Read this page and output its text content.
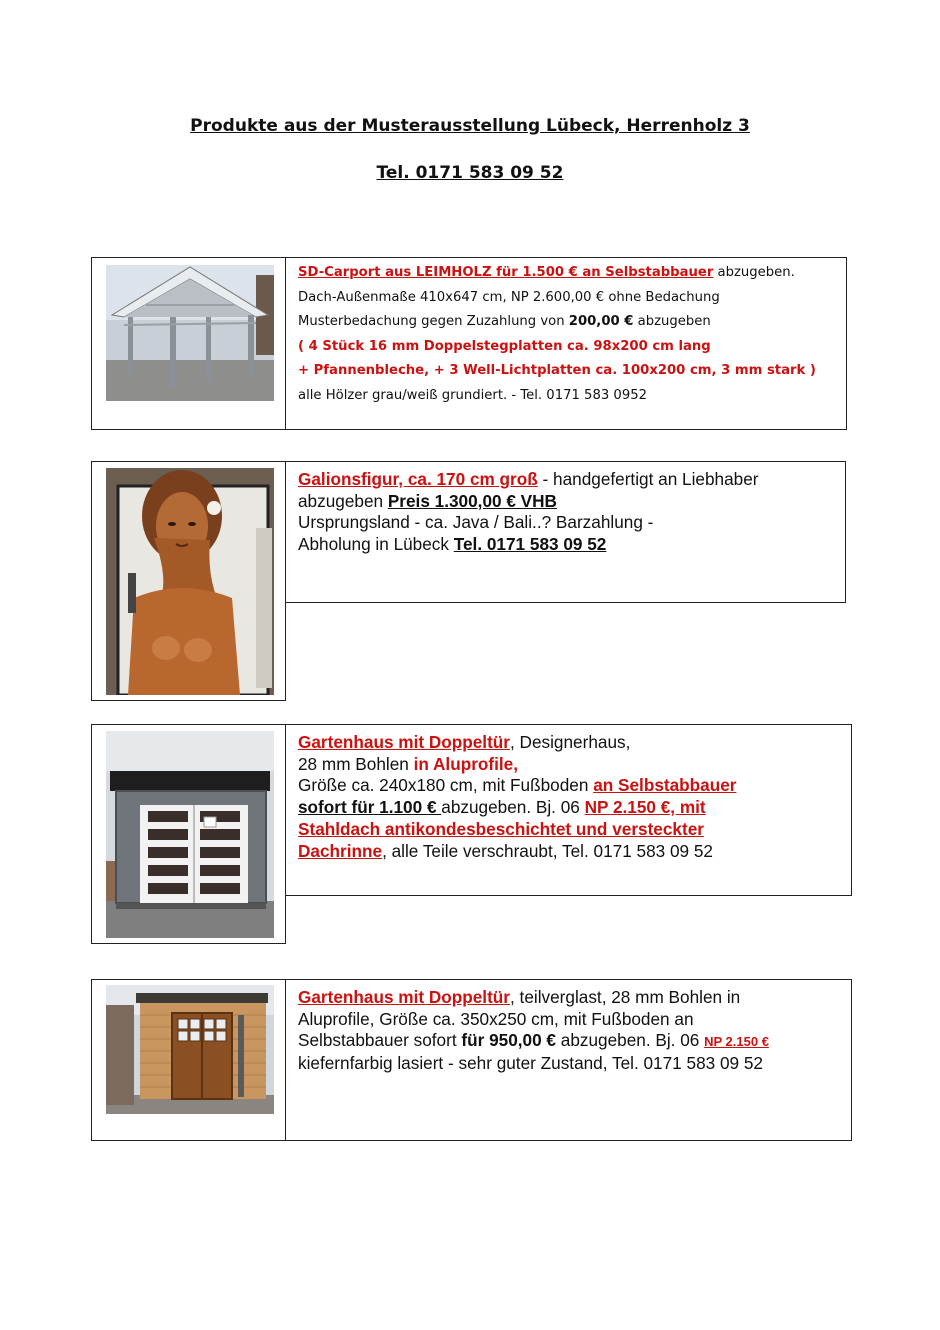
Produkte aus der Musterausstellung Lübeck, Herrenholz 3
Tel. 0171 583 09 52
SD-Carport aus LEIMHOLZ für 1.500 € an Selbstabbauer abzugeben.
Dach-Außenmaße 410x647 cm, NP 2.600,00 € ohne Bedachung
Musterbedachung gegen Zuzahlung von 200,00 € abzugeben
( 4 Stück 16 mm Doppelstegplatten ca. 98x200 cm lang
+ Pfannenbleche, + 3 Well-Lichtplatten ca. 100x200 cm, 3 mm stark )
alle Hölzer grau/weiß grundiert. - Tel. 0171 583 0952
Galionsfigur, ca. 170 cm groß - handgefertigt an Liebhaber
abzugeben Preis 1.300,00 € VHB
Ursprungsland - ca. Java / Bali..? Barzahlung -
Abholung in Lübeck Tel. 0171 583 09 52
Gartenhaus mit Doppeltür, Designerhaus,
28 mm Bohlen in Aluprofile,
Größe ca. 240x180 cm, mit Fußboden an Selbstabbauer
sofort für 1.100 € abzugeben. Bj. 06 NP 2.150 €, mit
Stahldach antikondesbeschichtet und versteckter
Dachrinne, alle Teile verschraubt, Tel. 0171 583 09 52
Gartenhaus mit Doppeltür, teilverglast, 28 mm Bohlen in
Aluprofile, Größe ca. 350x250 cm, mit Fußboden an
Selbstabbauer sofort für 950,00 € abzugeben. Bj. 06 NP 2.150 €
kiefernfarbig lasiert - sehr guter Zustand, Tel. 0171 583 09 52
